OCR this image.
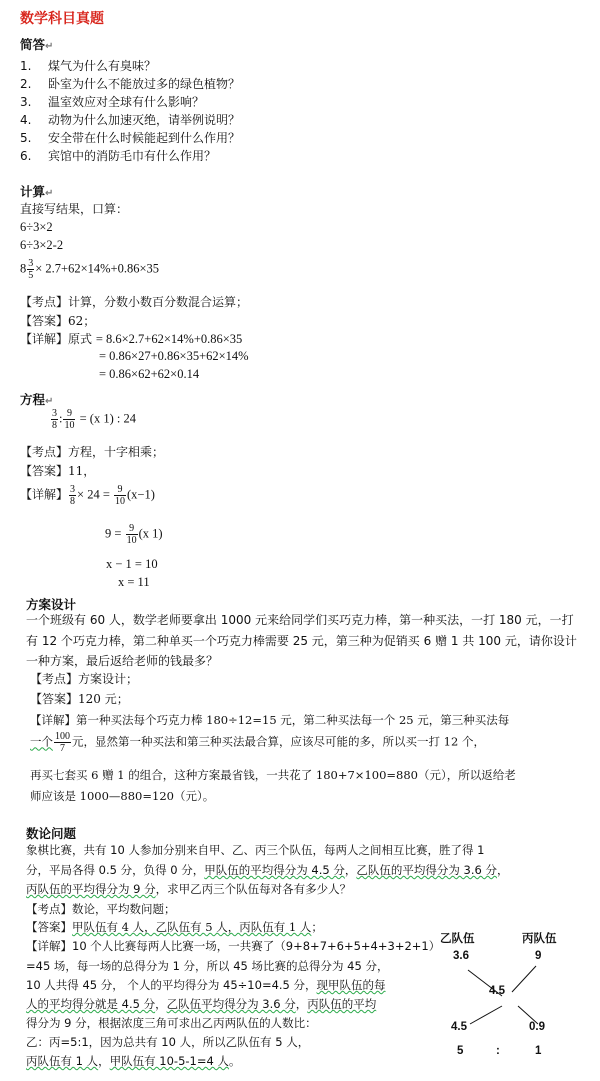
数学科目真题
简答↵
1. 煤气为什么有臭味？
2. 卧室为什么不能放过多的绿色植物？
3. 温室效应对全球有什么影响？
4. 动物为什么加速灭绝，请举例说明？
5. 安全带在什么时候能起到什么作用？
6. 宾馆中的消防毛巾有什么作用？
计算↵
直接写结果，口算：
6÷3×2
6÷3×2-2
$8 \frac{3}{5} \times 2.7+62\times 14\%+0.86\times 35$
【考点】计算，分数小数百分数混合运算；
【答案】62；
【详解】原式 = 8.6×2.7+62×14%+0.86×35
= 0.86×27+0.86×35+62×14%
= 0.86×62+62×0.14
方程↵
$\frac{3}{8}$ : $\frac{9}{10} = (x$ 1) : 24
【考点】方程，十字相乘；
【答案】11，
【详解】 $\frac{3}{8} \times 24 = \frac{9}{10} (x-1)$
$9 = \frac{9}{10} (x$ 1)
x − 1 = 10
x = 11
方案设计
一个班级有 60 人，数学老师要拿出 1000 元来给同学们买巧克力棒，第一种买法，一打 180 元，一打有 12 个巧克力棒，第二种单买一个巧克力棒需要 25 元，第三种为促销买 6 赠 1 共 100 元，请你设计一种方案，最后返给老师的钱最多？
【考点】方案设计；
【答案】120 元；
【详解】第一种买法每个巧克力棒 180÷12=15 元，第二种买法每一个 25 元，第三种买法每
一个 $\frac{100}{7}$ 元，显然第一种买法和第三种买法最合算，应该尽可能的多，所以买一打 12 个，
再买七套买 6 赠 1 的组合，这种方案最省钱，一共花了 180+7×100=880（元），所以返给老
师应该是 1000—880=120（元）。
数论问题
象棋比赛，共有 10 人参加分别来自甲、乙、丙三个队伍，每两人之间相互比赛，胜了得 1
分，平局各得 0.5 分，负得 0 分，甲队伍的平均得分为 4.5 分，乙队伍的平均得分为 3.6 分，
丙队伍的平均得分为 9 分，求甲乙丙三个队伍每对各有多少人？
【考点】数论，平均数问题；
【答案】甲队伍有 4 人，乙队伍有 5 人，丙队伍有 1 人；
【详解】10 个人比赛每两人比赛一场，一共赛了（9+8+7+6+5+4+3+2+1）
=45 场，每一场的总得分为 1 分，所以 45 场比赛的总得分为 45 分，
10 人共得 45 分， 个人的平均得分为 45÷10=4.5 分，现甲队伍的每
人的平均得分就是 4.5 分，乙队伍平均得分为 3.6 分，丙队伍的平均
得分为 9 分，根据浓度三角可求出乙丙两队伍的人数比：
乙：丙=5:1，因为总共有 10 人，所以乙队伍有 5 人，
丙队伍有 1 人，甲队伍有 10-5-1=4 人。
乙队伍	丙队伍
3.6	9
4.5
4.5	0.9
5	:	1
